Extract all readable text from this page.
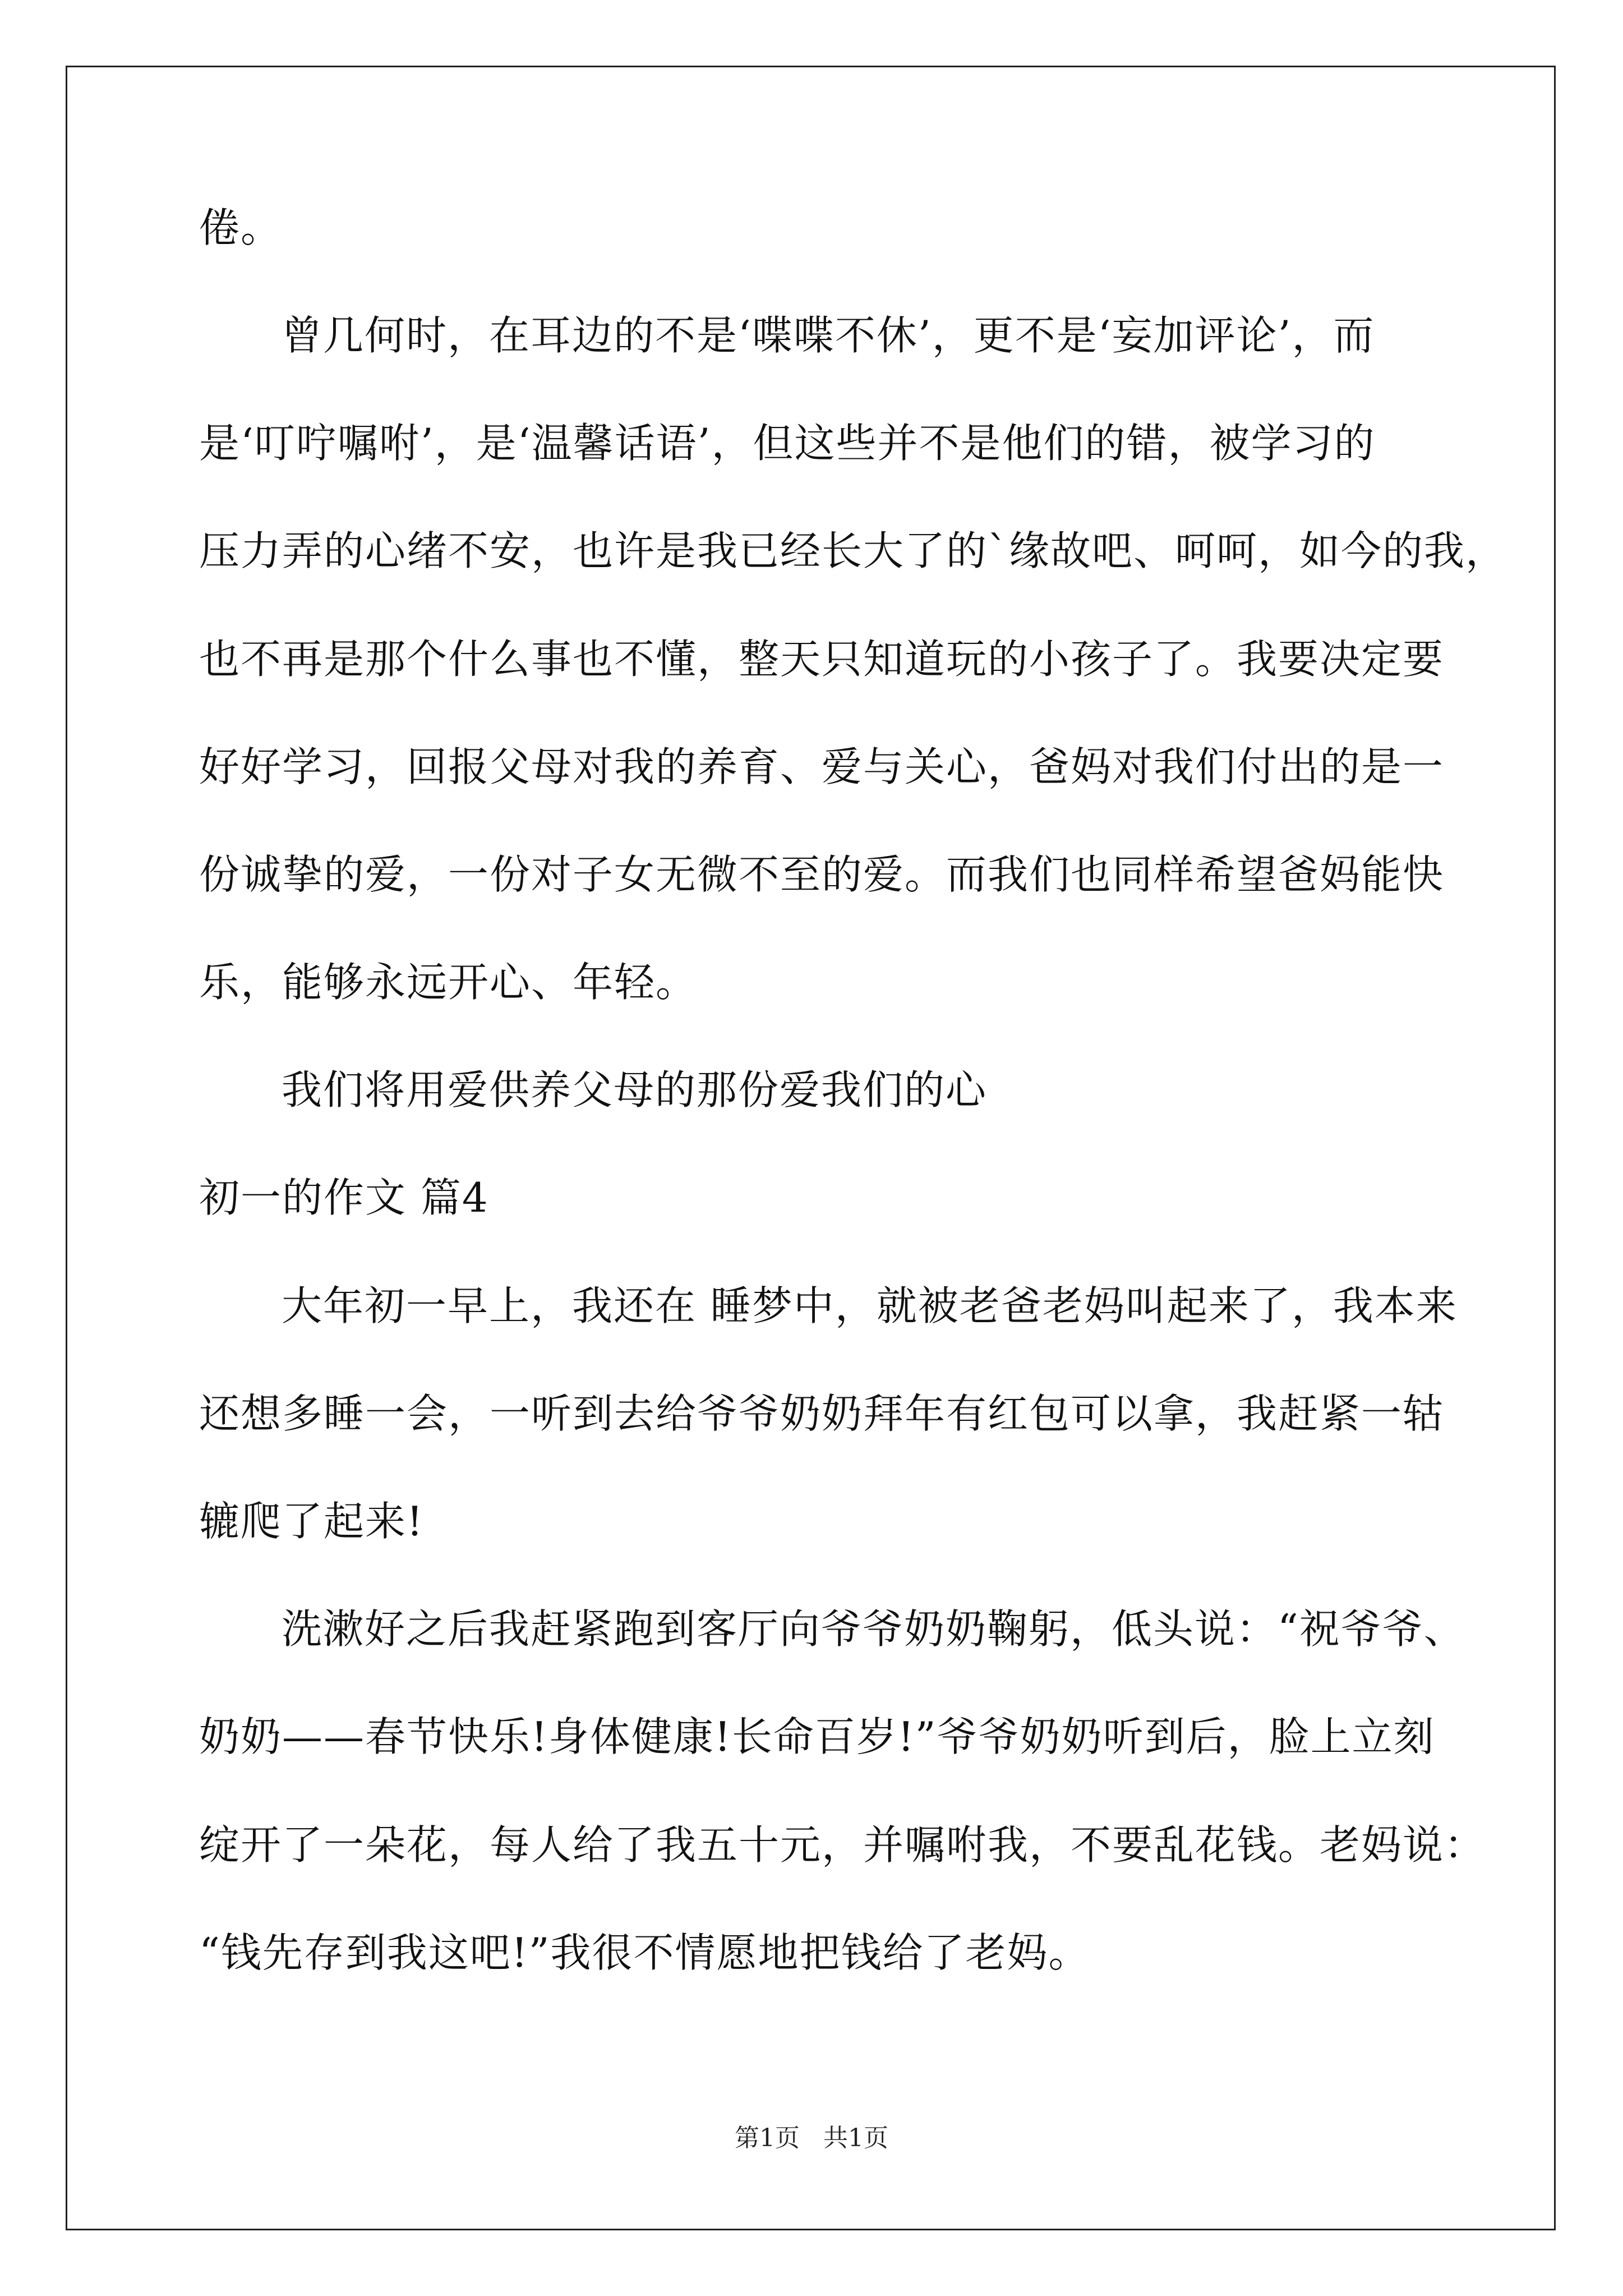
倦。

曾几何时，在耳边的不是‘喋喋不休’，更不是‘妄加评论’，而

是‘叮咛嘱咐’，是‘温馨话语’，但这些并不是他们的错，被学习的

压力弄的心绪不安，也许是我已经长大了的`缘故吧、呵呵，如今的我，

也不再是那个什么事也不懂，整天只知道玩的小孩子了。我要决定要

好好学习，回报父母对我的养育、爱与关心，爸妈对我们付出的是一

份诚挚的爱，一份对子女无微不至的爱。而我们也同样希望爸妈能快

乐，能够永远开心、年轻。

我们将用爱供养父母的那份爱我们的心

初一的作文 篇4

大年初一早上，我还在 睡梦中，就被老爸老妈叫起来了，我本来

还想多睡一会，一听到去给爷爷奶奶拜年有红包可以拿，我赶紧一轱

辘爬了起来!

洗漱好之后我赶紧跑到客厅向爷爷奶奶鞠躬，低头说：“祝爷爷、

奶奶——春节快乐!身体健康!长命百岁!”爷爷奶奶听到后，脸上立刻

绽开了一朵花，每人给了我五十元，并嘱咐我，不要乱花钱。老妈说：

“钱先存到我这吧!”我很不情愿地把钱给了老妈。

第1页 共1页
